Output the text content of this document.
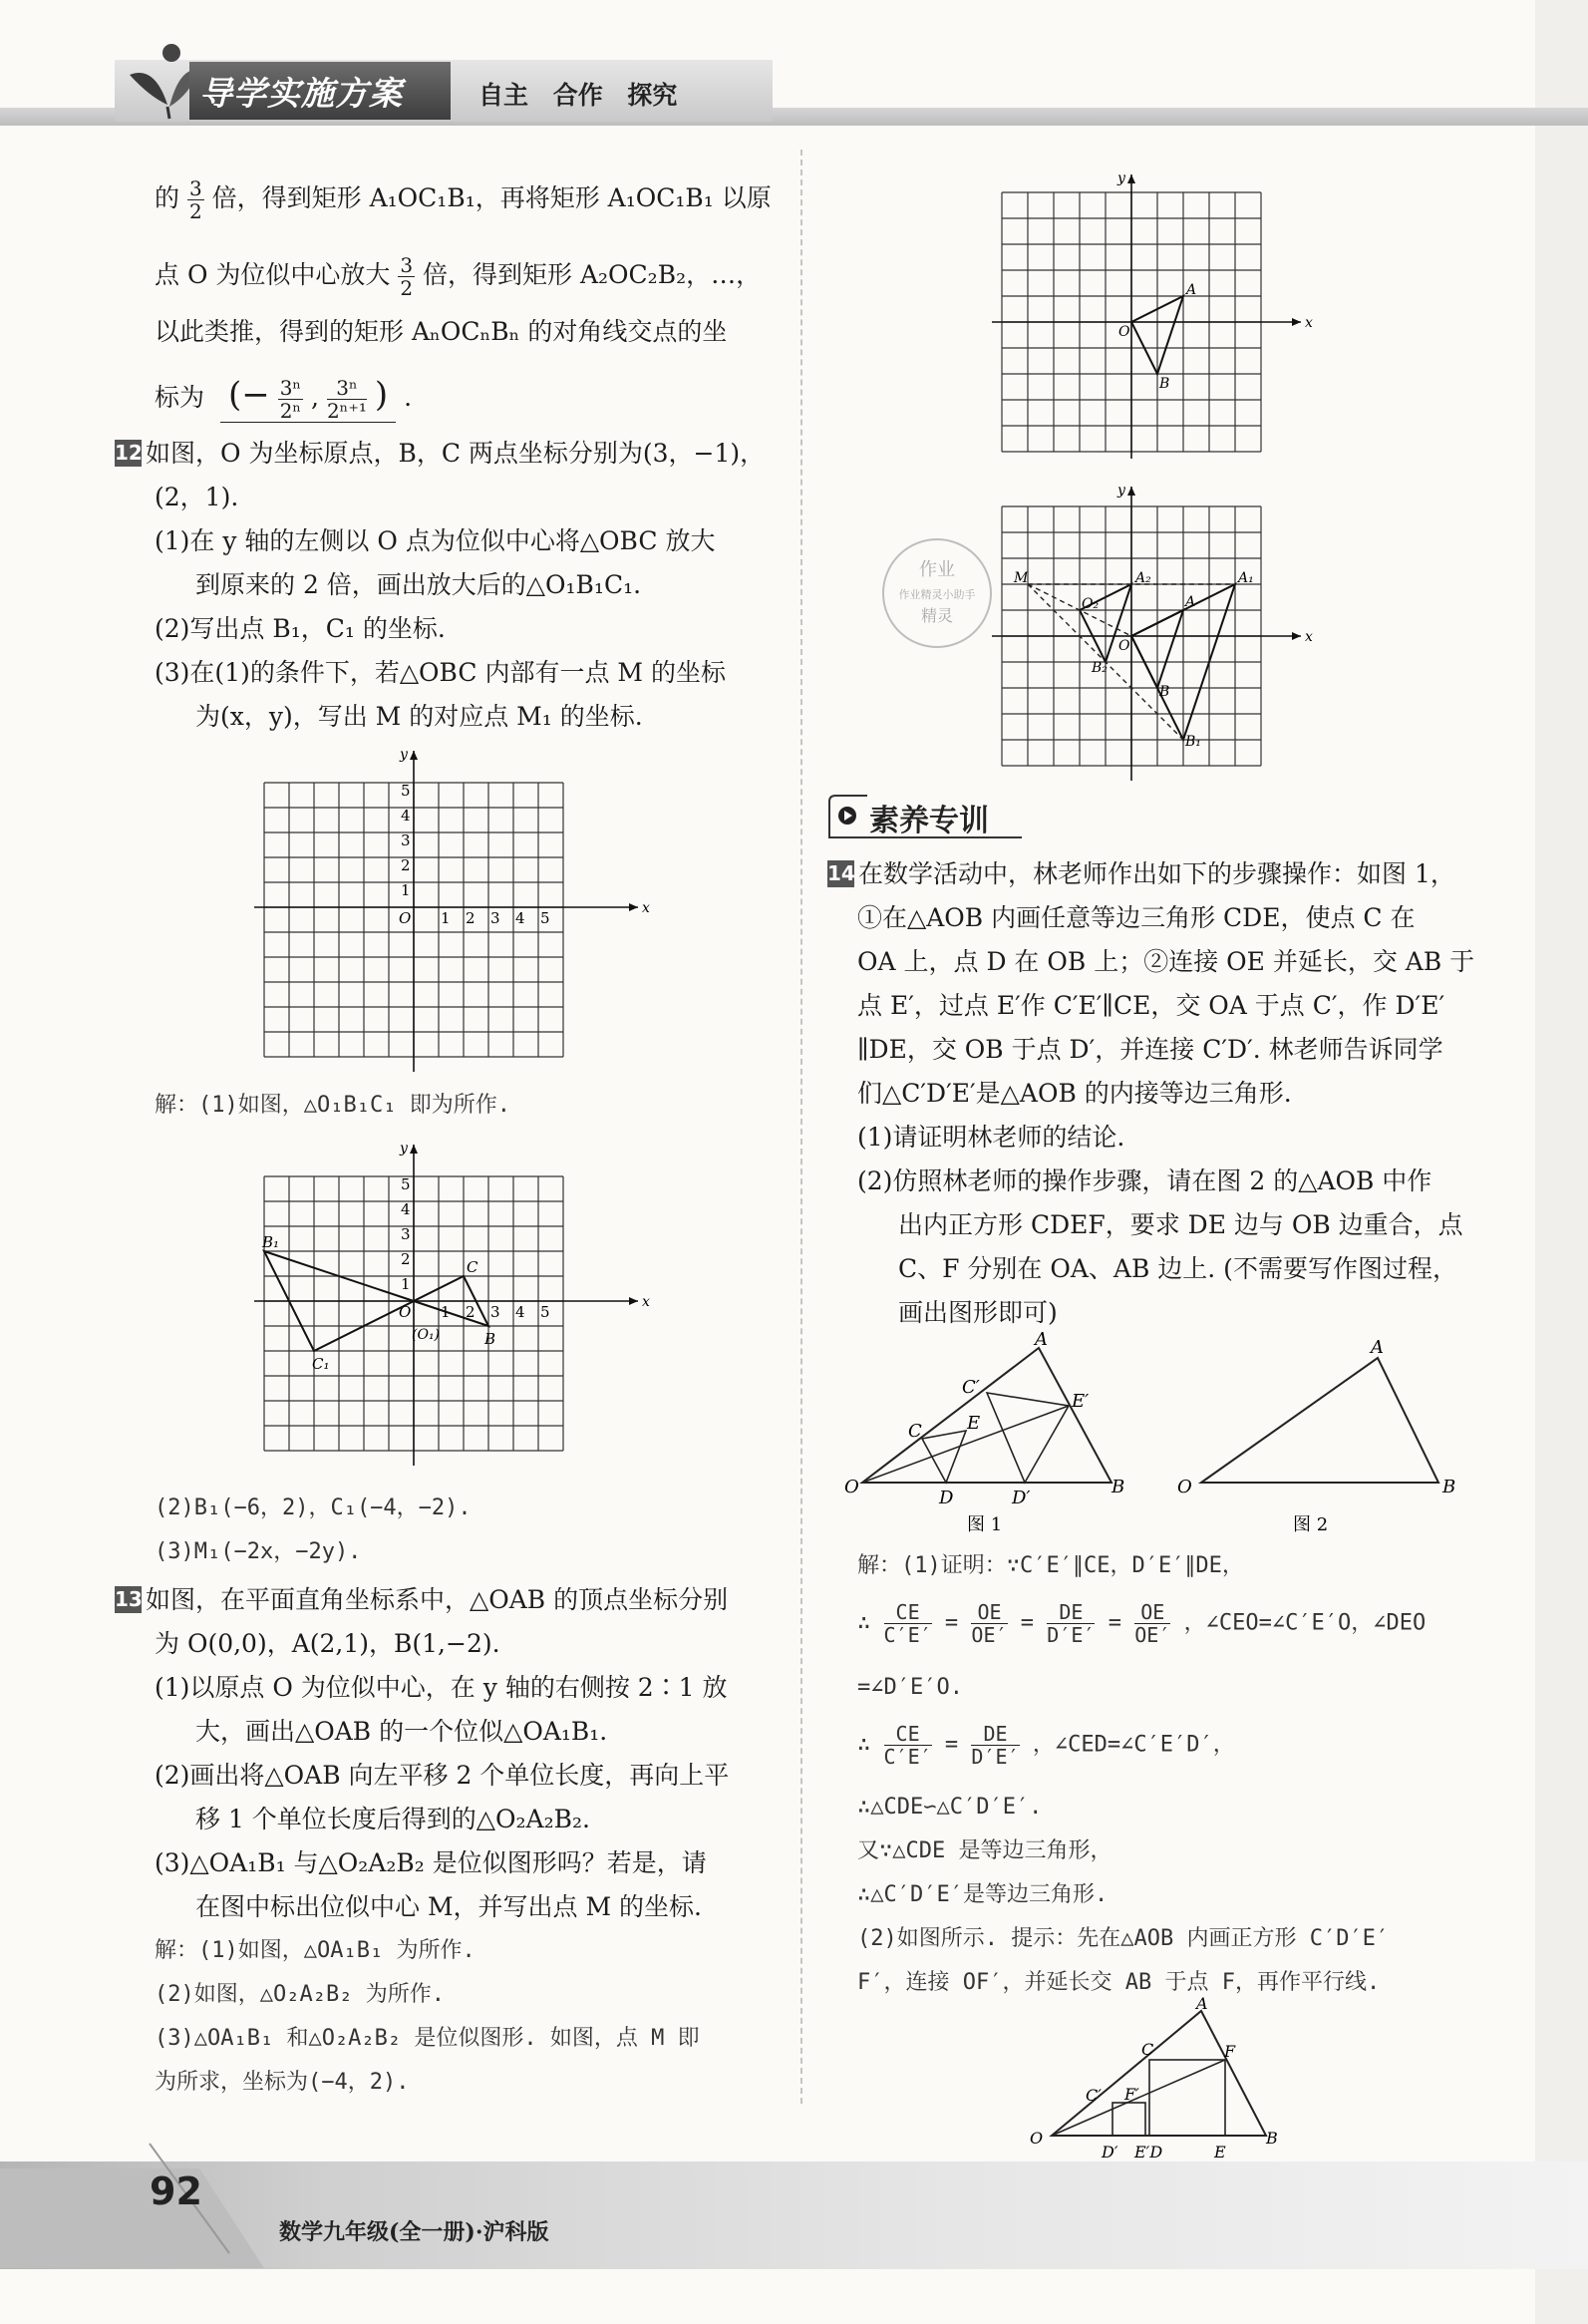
导学实施方案	自主 合作 探究
的 $\frac{3}{2}$ 倍，得到矩形 A₁OC₁B₁，再将矩形 A₁OC₁B₁ 以原
点 O 为位似中心放大 $\frac{3}{2}$ 倍，得到矩形 A₂OC₂B₂，…，
以此类推，得到的矩形 AₙOCₙBₙ 的对角线交点的坐
标为 (− $\frac{\text{3ⁿ}}{\text{2ⁿ}}$ , $\frac{\text{3ⁿ}}{\text{2ⁿ⁺¹}}$ ) .
12 如图，O 为坐标原点，B，C 两点坐标分别为(3，−1)，
(2，1).
(1)在 y 轴的左侧以 O 点为位似中心将△OBC 放大
到原来的 2 倍，画出放大后的△O₁B₁C₁.
(2)写出点 B₁，C₁ 的坐标.
(3)在(1)的条件下，若△OBC 内部有一点 M 的坐标
为(x，y)，写出 M 的对应点 M₁ 的坐标.
x
y
1 2 3 4 5
1
2
3
4
5
O
解：(1)如图，△O₁B₁C₁ 即为所作.
x
y
1 2 3 4 5
1
2
3
4
5
O
B₁
C₁
C
B
(O₁)
(2)B₁(−6，2)，C₁(−4，−2).
(3)M₁(−2x，−2y).
13 如图，在平面直角坐标系中，△OAB 的顶点坐标分别
为 O(0,0)，A(2,1)，B(1,−2).
(1)以原点 O 为位似中心，在 y 轴的右侧按 2∶1 放
大，画出△OAB 的一个位似△OA₁B₁.
(2)画出将△OAB 向左平移 2 个单位长度，再向上平
移 1 个单位长度后得到的△O₂A₂B₂.
(3)△OA₁B₁ 与△O₂A₂B₂ 是位似图形吗？若是，请
在图中标出位似中心 M，并写出点 M 的坐标.
解：(1)如图，△OA₁B₁ 为所作.
(2)如图，△O₂A₂B₂ 为所作.
(3)△OA₁B₁ 和△O₂A₂B₂ 是位似图形. 如图，点 M 即
为所求，坐标为(−4，2).
x
y
A
B
O
x
y
M
O₂
A₂
A
A₁
B₂
B
B₁
O
作业
作业精灵小助手
精灵
素养专训
14 在数学活动中，林老师作出如下的步骤操作：如图 1，
①在△AOB 内画任意等边三角形 CDE，使点 C 在
OA 上，点 D 在 OB 上；②连接 OE 并延长，交 AB 于
点 E′，过点 E′作 C′E′∥CE，交 OA 于点 C′，作 D′E′
∥DE，交 OB 于点 D′，并连接 C′D′. 林老师告诉同学
们△C′D′E′是△AOB 的内接等边三角形.
(1)请证明林老师的结论.
(2)仿照林老师的操作步骤，请在图 2 的△AOB 中作
出内正方形 CDEF，要求 DE 边与 OB 边重合，点
C、F 分别在 OA、AB 边上. (不需要写作图过程，
画出图形即可)
A
O	B
C
D
E
C′
D′
E′
图 1
A
O	B
图 2
解：(1)证明：∵C′E′∥CE，D′E′∥DE，
∴ $\frac{CE}{C'E'} = \frac{OE}{OE'} = \frac{DE}{D'E'} = \frac{OE}{OE'}$ ，∠CEO=∠C′E′O，∠DEO
=∠D′E′O.
∴ $\frac{CE}{C'E'} = \frac{DE}{D'E'}$ ，∠CED=∠C′E′D′，
∴△CDE∽△C′D′E′.
又∵△CDE 是等边三角形，
∴△C′D′E′是等边三角形.
(2)如图所示. 提示：先在△AOB 内画正方形 C′D′E′
F′，连接 OF′，并延长交 AB 于点 F，再作平行线.
A
O	B
C	F
C′ F′
D′ E′D	E
92
数学九年级(全一册)·沪科版
